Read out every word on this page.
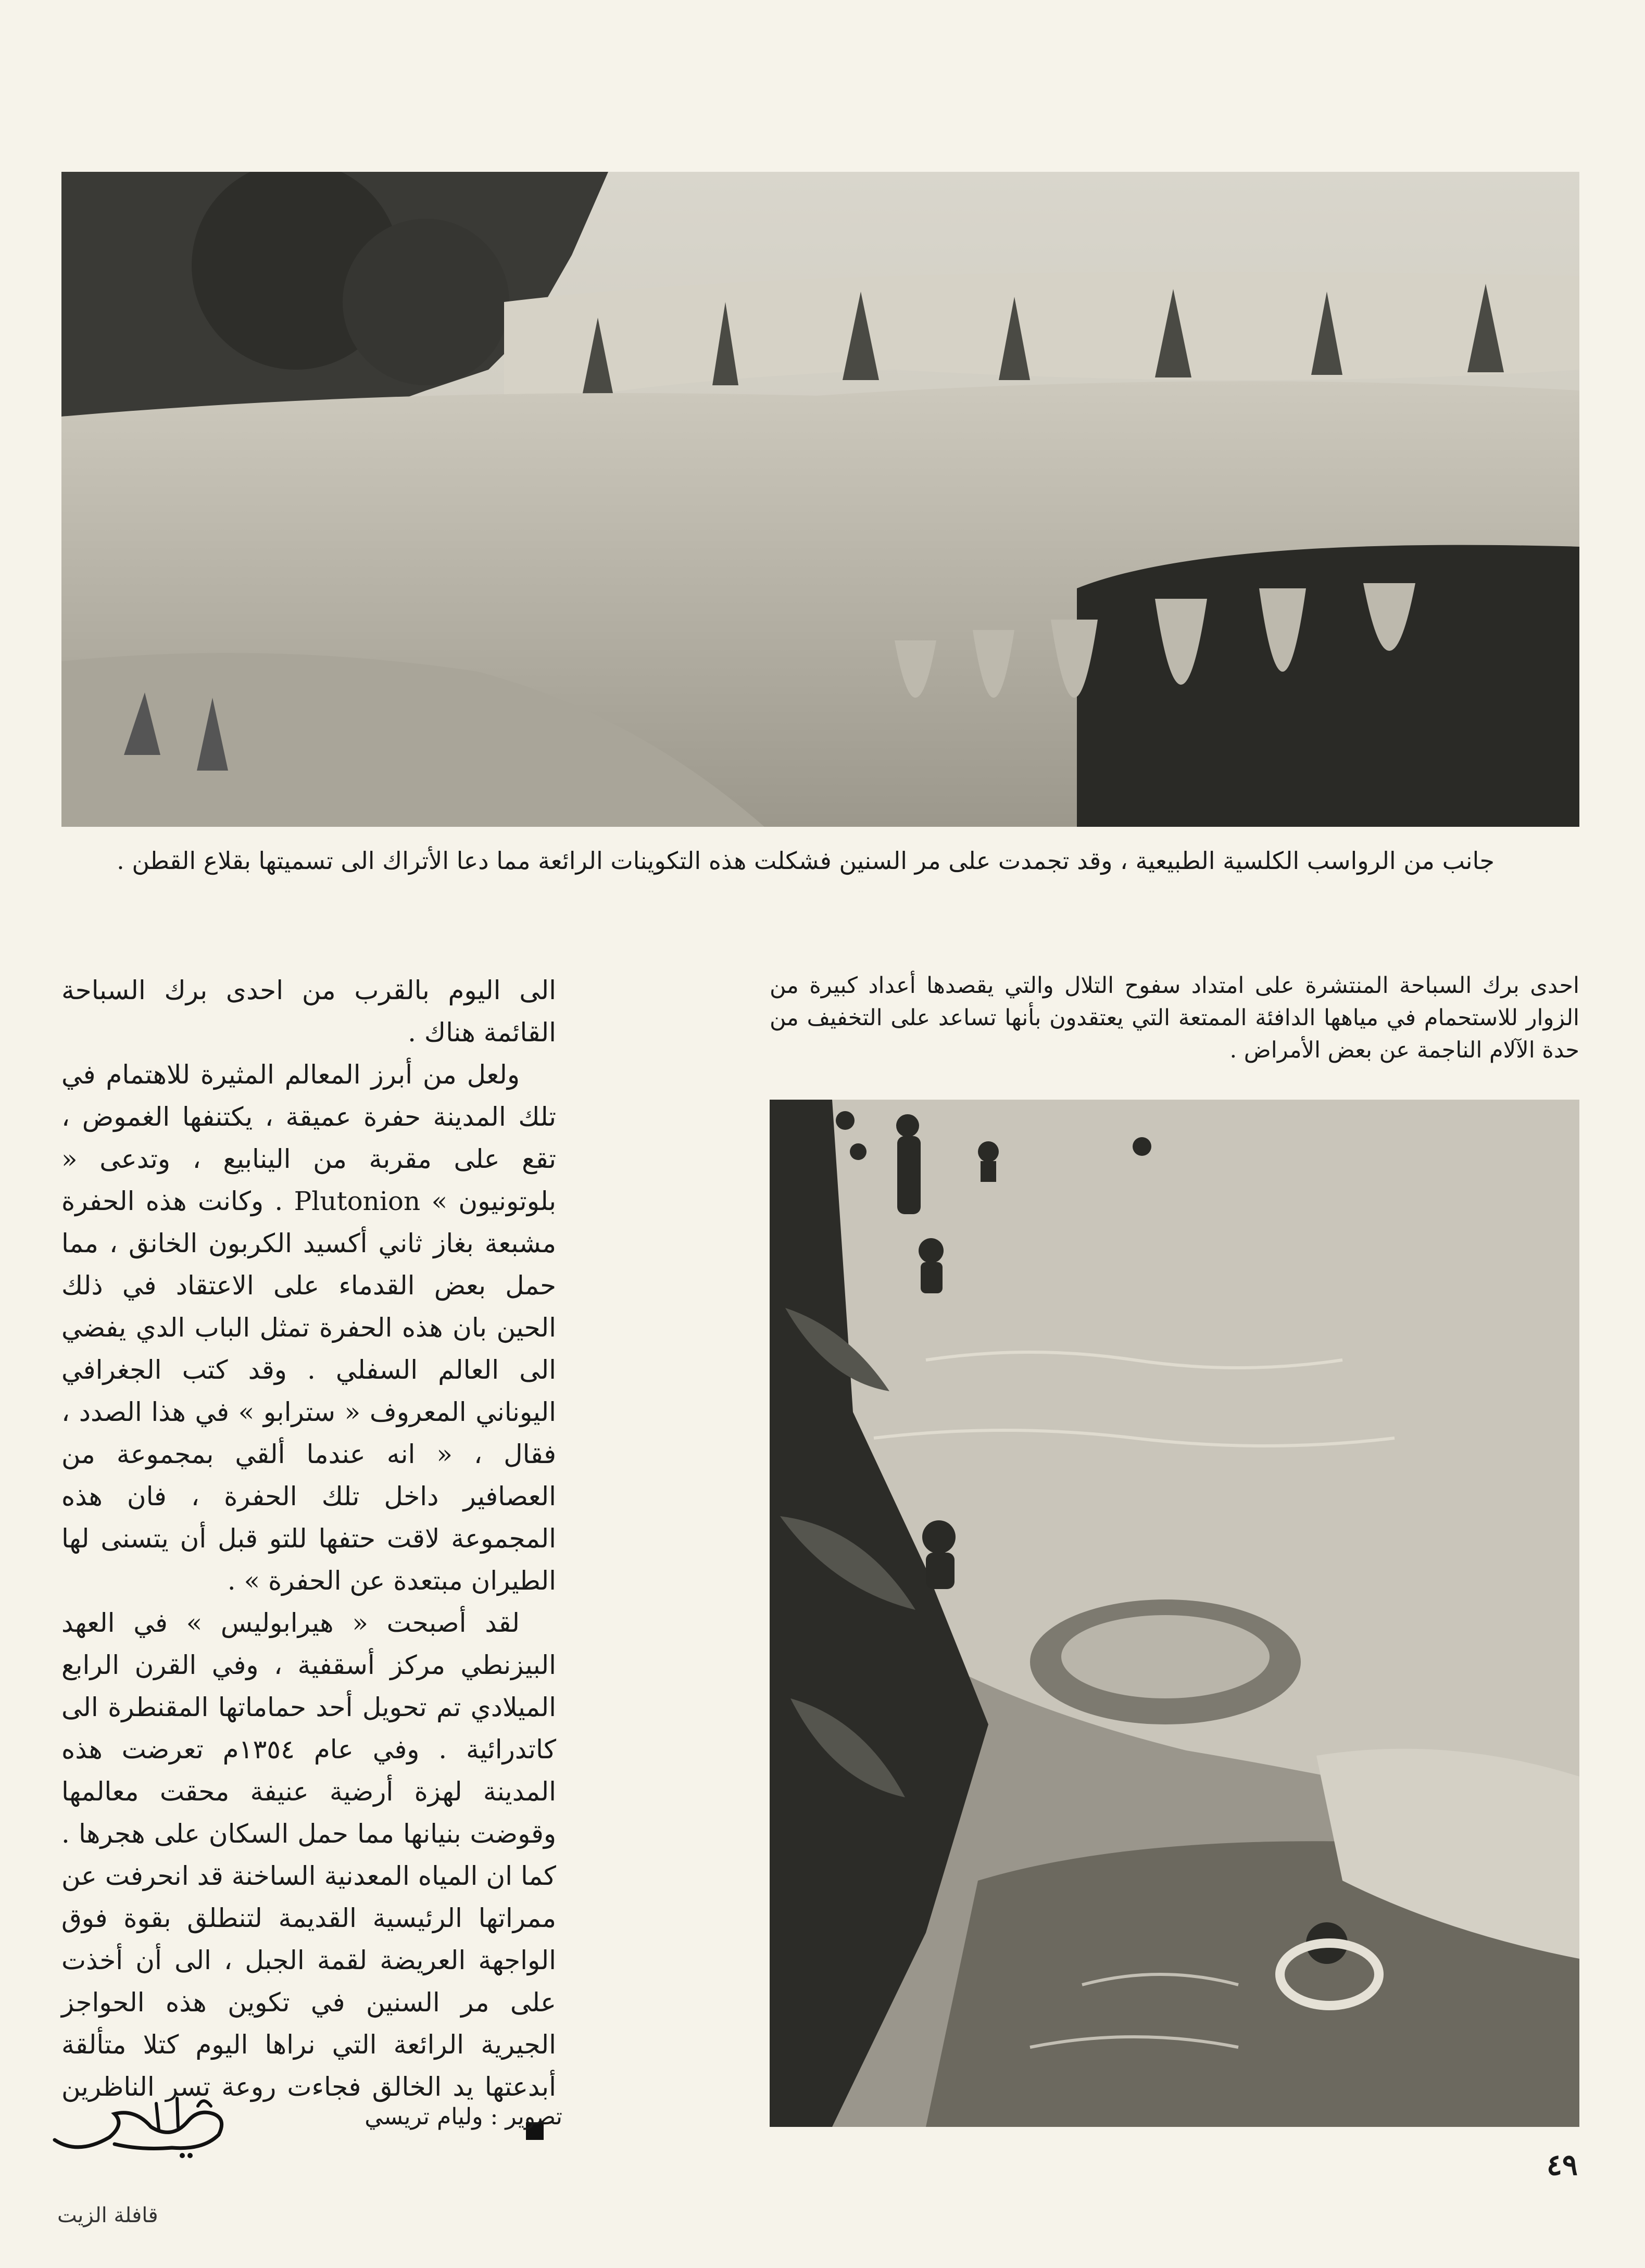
جانب من الرواسب الكلسية الطبيعية ، وقد تجمدت على مر السنين فشكلت هذه التكوينات الرائعة مما دعا الأتراك الى تسميتها بقلاع القطن .
احدى برك السباحة المنتشرة على امتداد سفوح التلال والتي يقصدها أعداد كبيرة من الزوار للاستحمام في مياهها الدافئة الممتعة التي يعتقدون بأنها تساعد على التخفيف من حدة الآلام الناجمة عن بعض الأمراض .

الى اليوم بالقرب من احدى برك السباحة القائمة هناك .

ولعل من أبرز المعالم المثيرة للاهتمام في تلك المدينة حفرة عميقة ، يكتنفها الغموض ، تقع على مقربة من الينابيع ، وتدعى « بلوتونيون » Plutonion . وكانت هذه الحفرة مشبعة بغاز ثاني أكسيد الكربون الخانق ، مما حمل بعض القدماء على الاعتقاد في ذلك الحين بان هذه الحفرة تمثل الباب الدي يفضي الى العالم السفلي . وقد كتب الجغرافي اليوناني المعروف « سترابو » في هذا الصدد ، فقال ، « انه عندما ألقي بمجموعة من العصافير داخل تلك الحفرة ، فان هذه المجموعة لاقت حتفها للتو قبل أن يتسنى لها الطيران مبتعدة عن الحفرة » .

لقد أصبحت « هيرابوليس » في العهد البيزنطي مركز أسقفية ، وفي القرن الرابع الميلادي تم تحويل أحد حماماتها المقنطرة الى كاتدرائية . وفي عام ١٣٥٤م تعرضت هذه المدينة لهزة أرضية عنيفة محقت معالمها وقوضت بنيانها مما حمل السكان على هجرها . كما ان المياه المعدنية الساخنة قد انحرفت عن ممراتها الرئيسية القديمة لتنطلق بقوة فوق الواجهة العريضة لقمة الجبل ، الى أن أخذت على مر السنين في تكوين هذه الحواجز الجيرية الرائعة التي نراها اليوم كتلا متألقة أبدعتها يد الخالق فجاءت روعة تسر الناظرين

تصوير : وليام تريسي
٤٩
قافلة الزيت
